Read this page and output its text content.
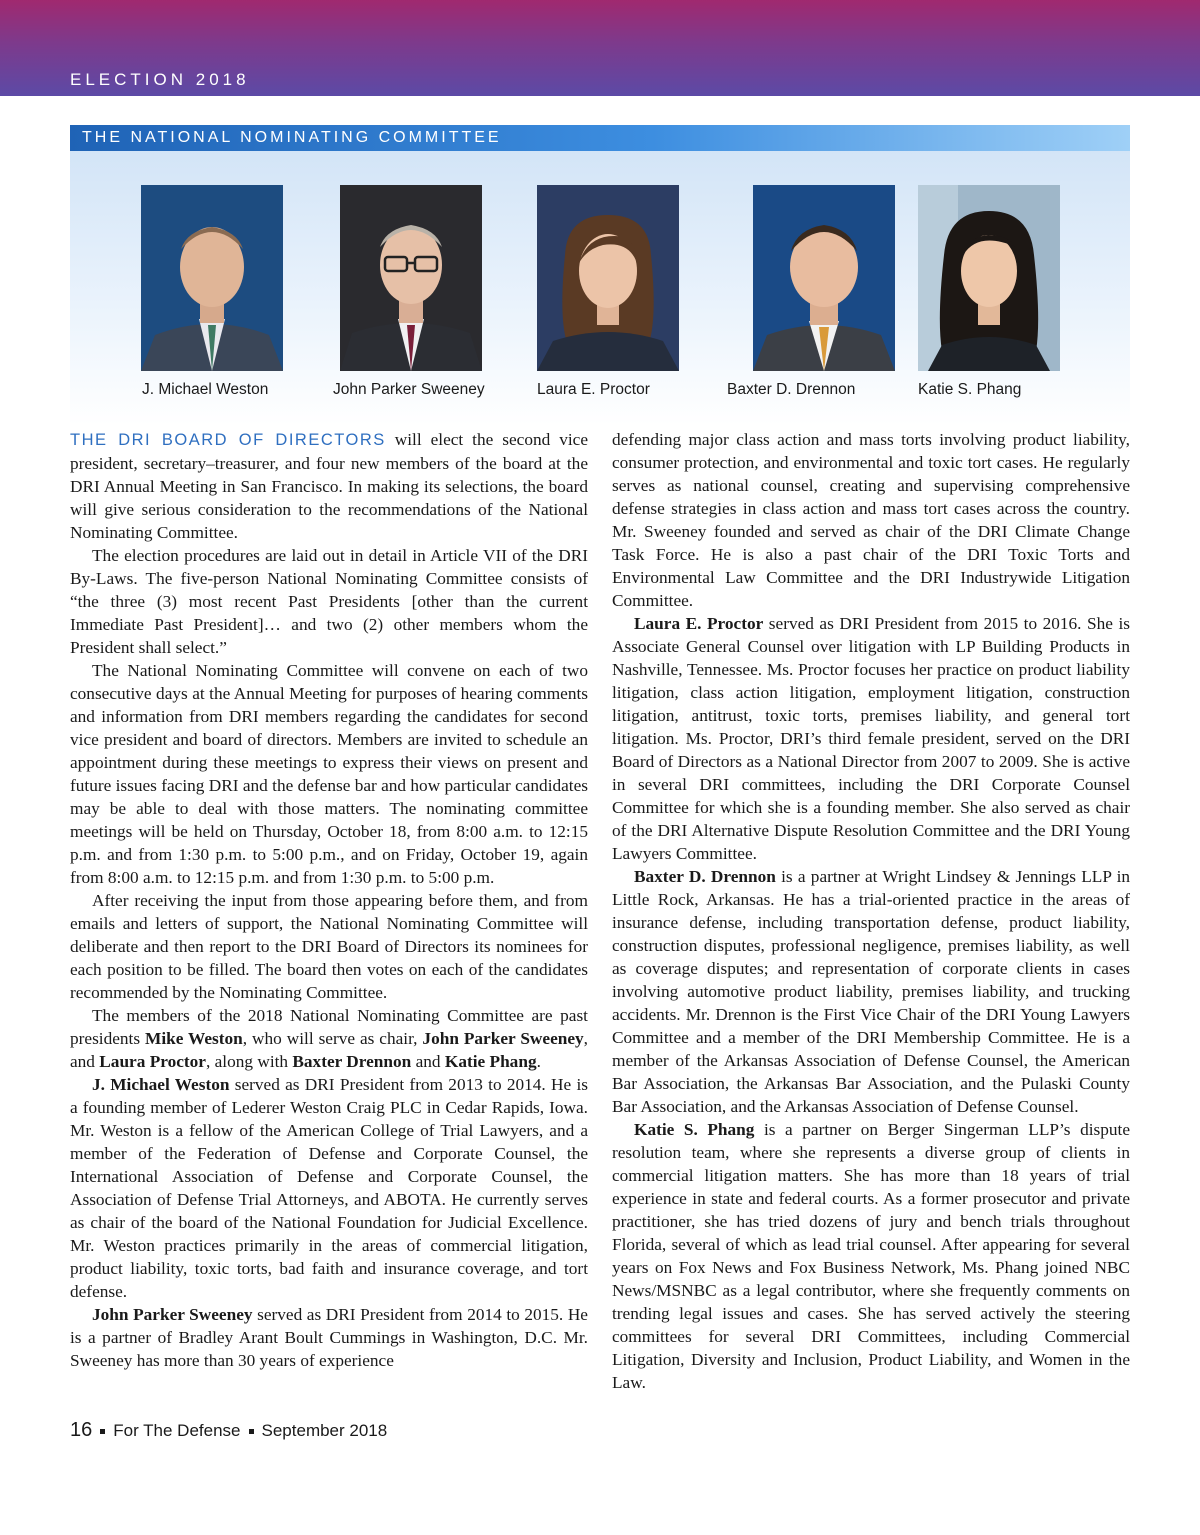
ELECTION 2018
THE NATIONAL NOMINATING COMMITTEE
J. Michael Weston	John Parker Sweeney	Laura E. Proctor	Baxter D. Drennon	Katie S. Phang

THE DRI BOARD OF DIRECTORS will elect the second vice president, secretary–treasurer, and four new members of the board at the DRI Annual Meeting in San Francisco. In making its selections, the board will give serious consideration to the recommendations of the National Nominating Committee.

The election procedures are laid out in detail in Article VII of the DRI By-Laws. The five-person National Nominating Committee consists of “the three (3) most recent Past Presidents [other than the current Immediate Past President]… and two (2) other members whom the President shall select.”

The National Nominating Committee will convene on each of two consecutive days at the Annual Meeting for purposes of hearing comments and information from DRI members regarding the candidates for second vice president and board of directors. Members are invited to schedule an appointment during these meetings to express their views on present and future issues facing DRI and the defense bar and how particular candidates may be able to deal with those matters. The nominating committee meetings will be held on Thursday, October 18, from 8:00 a.m. to 12:15 p.m. and from 1:30 p.m. to 5:00 p.m., and on Friday, October 19, again from 8:00 a.m. to 12:15 p.m. and from 1:30 p.m. to 5:00 p.m.

After receiving the input from those appearing before them, and from emails and letters of support, the National Nominating Committee will deliberate and then report to the DRI Board of Directors its nominees for each position to be filled. The board then votes on each of the candidates recommended by the Nominating Committee.

The members of the 2018 National Nominating Committee are past presidents Mike Weston, who will serve as chair, John Parker Sweeney, and Laura Proctor, along with Baxter Drennon and Katie Phang.

J. Michael Weston served as DRI President from 2013 to 2014. He is a founding member of Lederer Weston Craig PLC in Cedar Rapids, Iowa. Mr. Weston is a fellow of the American College of Trial Lawyers, and a member of the Federation of Defense and Corporate Counsel, the International Association of Defense and Corporate Counsel, the Association of Defense Trial Attorneys, and ABOTA. He currently serves as chair of the board of the National Foundation for Judicial Excellence. Mr. Weston practices primarily in the areas of commercial litigation, product liability, toxic torts, bad faith and insurance coverage, and tort defense.

John Parker Sweeney served as DRI President from 2014 to 2015. He is a partner of Bradley Arant Boult Cummings in Washington, D.C. Mr. Sweeney has more than 30 years of experience

defending major class action and mass torts involving product liability, consumer protection, and environmental and toxic tort cases. He regularly serves as national counsel, creating and supervising comprehensive defense strategies in class action and mass tort cases across the country. Mr. Sweeney founded and served as chair of the DRI Climate Change Task Force. He is also a past chair of the DRI Toxic Torts and Environmental Law Committee and the DRI Industrywide Litigation Committee.

Laura E. Proctor served as DRI President from 2015 to 2016. She is Associate General Counsel over litigation with LP Building Products in Nashville, Tennessee. Ms. Proctor focuses her practice on product liability litigation, class action litigation, employment litigation, construction litigation, antitrust, toxic torts, premises liability, and general tort litigation. Ms. Proctor, DRI’s third female president, served on the DRI Board of Directors as a National Director from 2007 to 2009. She is active in several DRI committees, including the DRI Corporate Counsel Committee for which she is a founding member. She also served as chair of the DRI Alternative Dispute Resolution Committee and the DRI Young Lawyers Committee.

Baxter D. Drennon is a partner at Wright Lindsey & Jennings LLP in Little Rock, Arkansas. He has a trial-oriented practice in the areas of insurance defense, including transportation defense, product liability, construction disputes, professional negligence, premises liability, as well as coverage disputes; and representation of corporate clients in cases involving automotive product liability, premises liability, and trucking accidents. Mr. Drennon is the First Vice Chair of the DRI Young Lawyers Committee and a member of the DRI Membership Committee. He is a member of the Arkansas Association of Defense Counsel, the American Bar Association, the Arkansas Bar Association, and the Pulaski County Bar Association, and the Arkansas Association of Defense Counsel.

Katie S. Phang is a partner on Berger Singerman LLP’s dispute resolution team, where she represents a diverse group of clients in commercial litigation matters. She has more than 18 years of trial experience in state and federal courts. As a former prosecutor and private practitioner, she has tried dozens of jury and bench trials throughout Florida, several of which as lead trial counsel. After appearing for several years on Fox News and Fox Business Network, Ms. Phang joined NBC News/MSNBC as a legal contributor, where she frequently comments on trending legal issues and cases. She has served actively the steering committees for several DRI Committees, including Commercial Litigation, Diversity and Inclusion, Product Liability, and Women in the Law.

16 For The Defense September 2018
